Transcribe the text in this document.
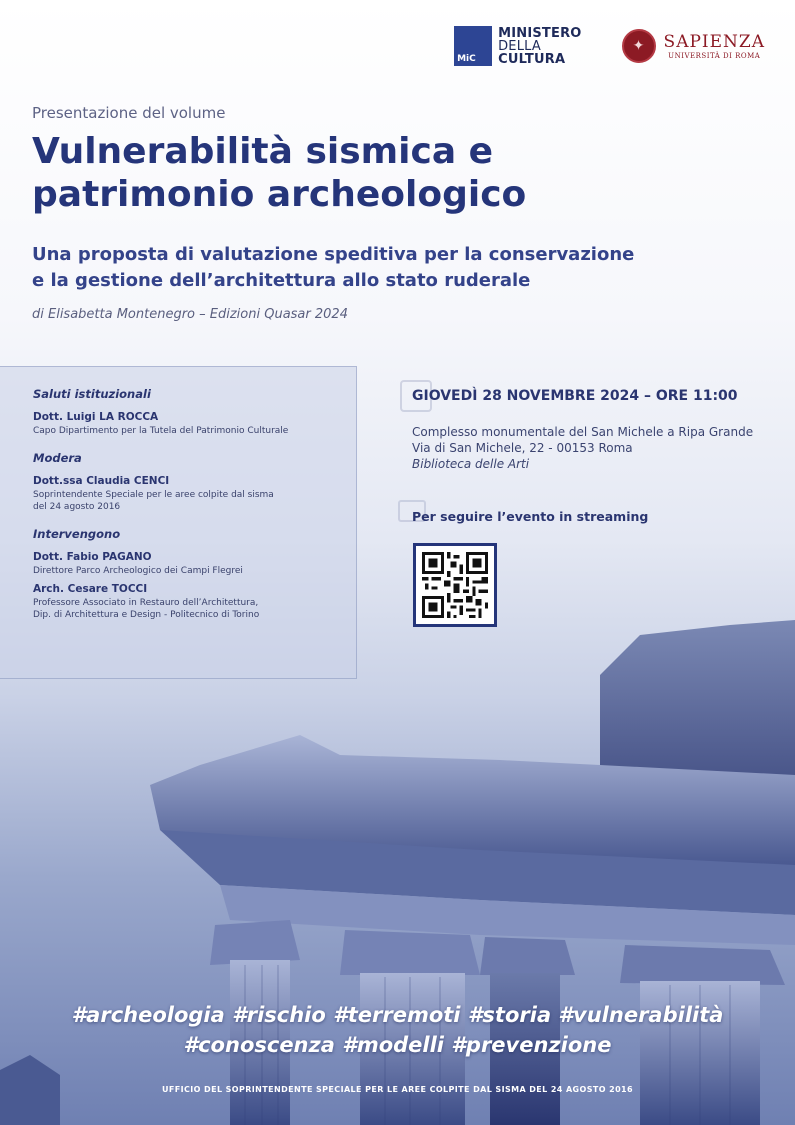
MiC
MINISTERO
DELLA
CULTURA
✦	SAPIENZA
UNIVERSITÀ DI ROMA
Presentazione del volume
Vulnerabilità sismica e
patrimonio archeologico
Una proposta di valutazione speditiva per la conservazione
e la gestione dell’architettura allo stato ruderale
di Elisabetta Montenegro – Edizioni Quasar 2024
Saluti istituzionali
Dott. Luigi LA ROCCA
Capo Dipartimento per la Tutela del Patrimonio Culturale
Modera
Dott.ssa Claudia CENCI
Soprintendente Speciale per le aree colpite dal sisma
del 24 agosto 2016
Intervengono
Dott. Fabio PAGANO
Direttore Parco Archeologico dei Campi Flegrei
Arch. Cesare TOCCI
Professore Associato in Restauro dell’Architettura,
Dip. di Architettura e Design - Politecnico di Torino
GIOVEDÌ 28 NOVEMBRE 2024 – ORE 11:00
Complesso monumentale del San Michele a Ripa Grande
Via di San Michele, 22 - 00153 Roma
Biblioteca delle Arti
Per seguire l’evento in streaming
#archeologia #rischio #terremoti #storia #vulnerabilità
#conoscenza #modelli #prevenzione
UFFICIO DEL SOPRINTENDENTE SPECIALE PER LE AREE COLPITE DAL SISMA DEL 24 AGOSTO 2016
